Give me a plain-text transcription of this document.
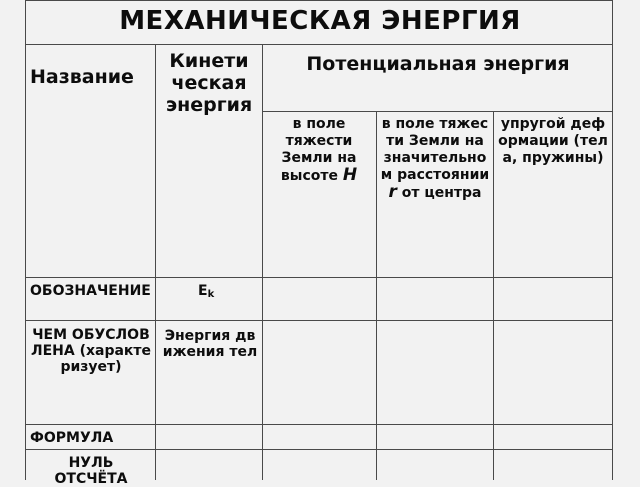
МЕХАНИЧЕСКАЯ ЭНЕРГИЯ
Название
Кинетическая энергия
Потенциальная энергия
в поле тяжести Земли на высоте H
в поле тяжести Земли на значительном расстоянии r от центра
упругой деформации (тела, пружины)
ОБОЗНАЧЕНИЕ	Ek
ЧЕМ ОБУСЛОВЛЕНА (характеризует)
Энергия движения тел
ФОРМУЛА
НУЛЬ ОТСЧЁТА
